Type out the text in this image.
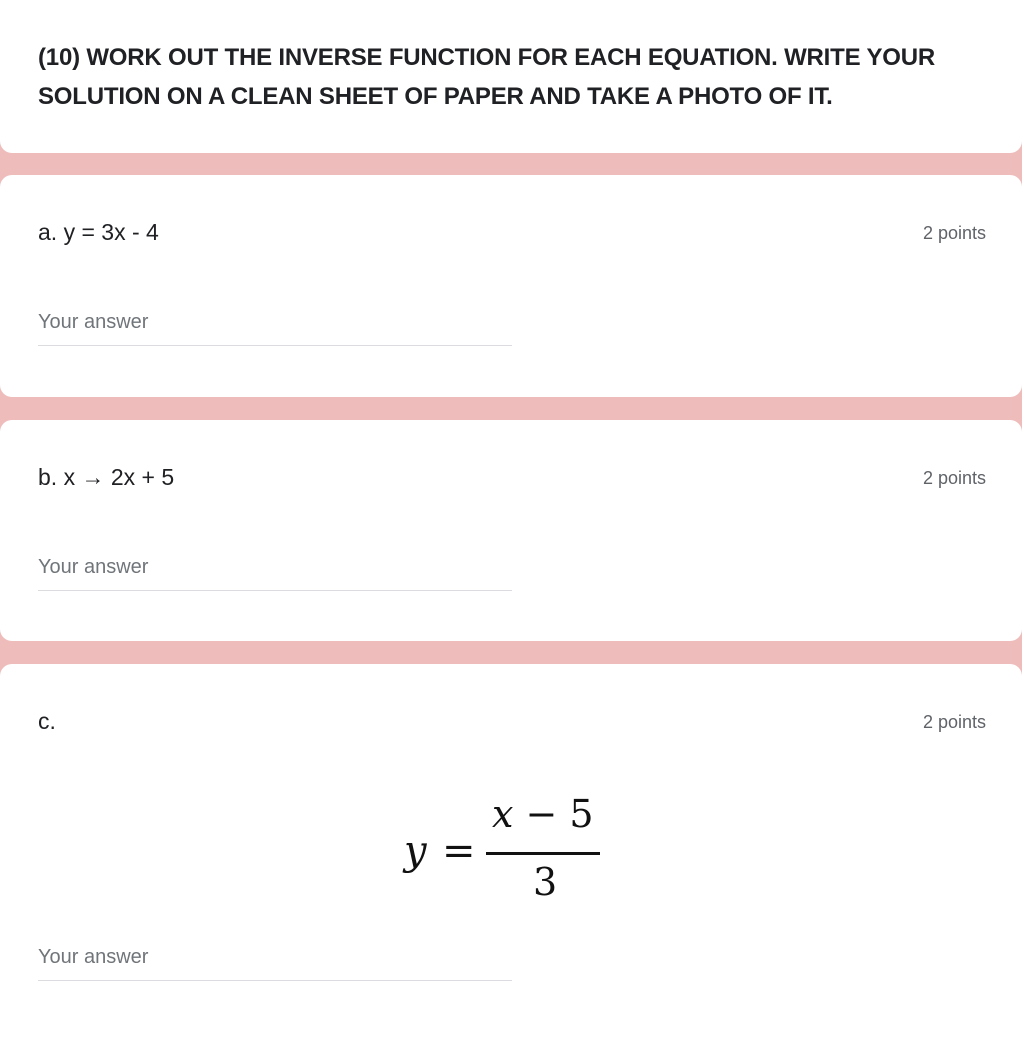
(10) WORK OUT THE INVERSE FUNCTION FOR EACH EQUATION. WRITE YOUR SOLUTION ON A CLEAN SHEET OF PAPER AND TAKE A PHOTO OF IT.
a. y = 3x - 4	2 points
Your answer
b. x → 2x + 5	2 points
Your answer
c.	2 points
y =
x − 5
3
Your answer
